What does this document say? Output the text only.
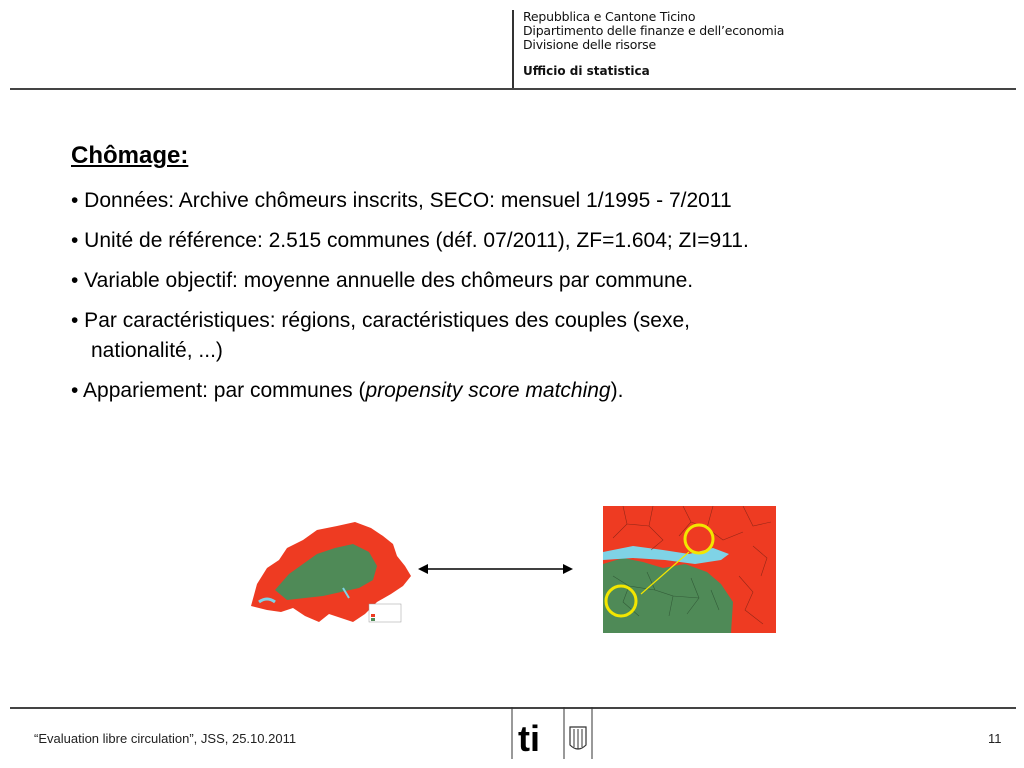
Repubblica e Cantone Ticino
Dipartimento delle finanze e dell’economia
Divisione delle risorse
Ufficio di statistica
Chômage:
• Données: Archive chômeurs inscrits, SECO: mensuel 1/1995 - 7/2011
• Unité de référence: 2.515 communes (déf. 07/2011), ZF=1.604; ZI=911.
• Variable objectif: moyenne annuelle des chômeurs par commune.
• Par caractéristiques: régions, caractéristiques des couples (sexe,
nationalité, ...)
• Appariement: par communes (propensity score matching).
“Evaluation libre circulation”, JSS, 25.10.2011	ti	11
